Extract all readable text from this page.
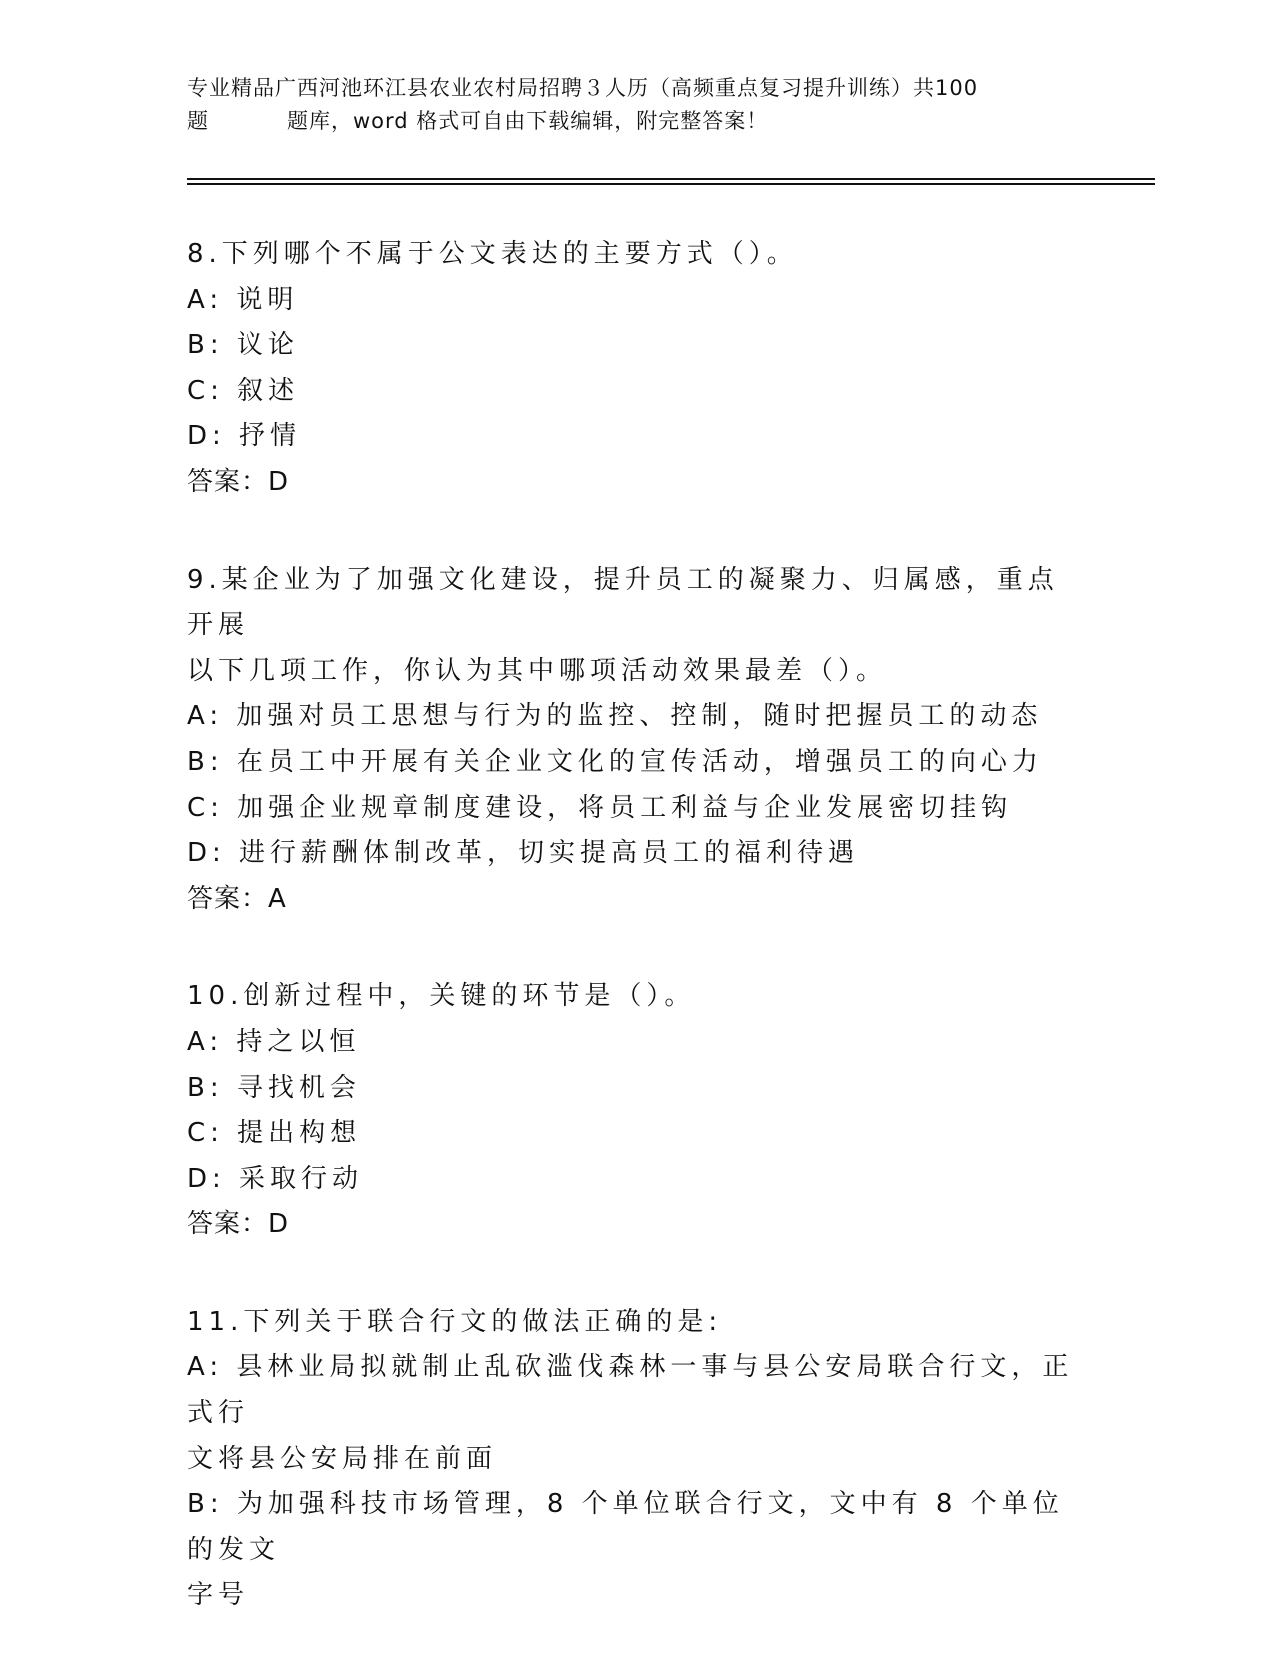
专业精品广西河池环江县农业农村局招聘３人历（高频重点复习提升训练）共100
题	题库，word 格式可自由下载编辑，附完整答案！

8.下列哪个不属于公文表达的主要方式（）。

A: 说明

B: 议论

C: 叙述

D: 抒情

答案：D

9.某企业为了加强文化建设，提升员工的凝聚力、归属感，重点开展

以下几项工作，你认为其中哪项活动效果最差（）。

A: 加强对员工思想与行为的监控、控制，随时把握员工的动态

B: 在员工中开展有关企业文化的宣传活动，增强员工的向心力

C: 加强企业规章制度建设，将员工利益与企业发展密切挂钩

D: 进行薪酬体制改革，切实提高员工的福利待遇

答案：A

10.创新过程中，关键的环节是（）。

A: 持之以恒

B: 寻找机会

C: 提出构想

D: 采取行动

答案：D

11.下列关于联合行文的做法正确的是:

A: 县林业局拟就制止乱砍滥伐森林一事与县公安局联合行文，正式行

文将县公安局排在前面

B: 为加强科技市场管理，8 个单位联合行文，文中有 8 个单位的发文

字号
